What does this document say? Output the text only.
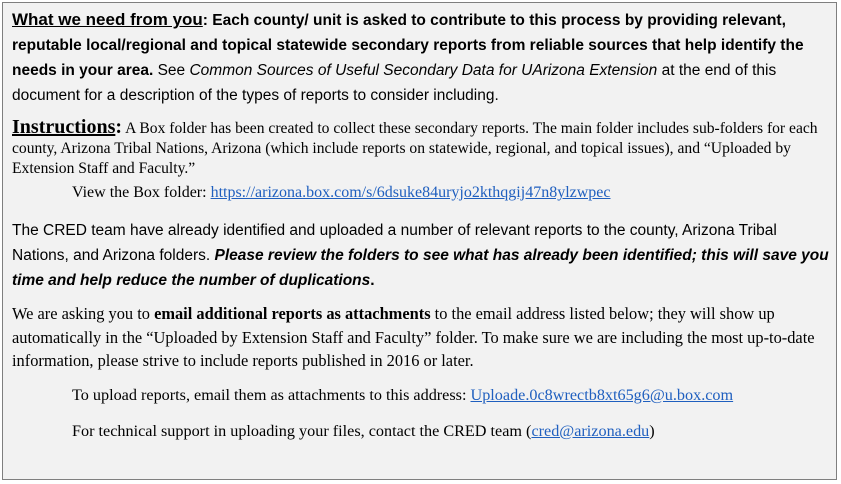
What we need from you: Each county/ unit is asked to contribute to this process by providing relevant, reputable local/regional and topical statewide secondary reports from reliable sources that help identify the needs in your area. See Common Sources of Useful Secondary Data for UArizona Extension at the end of this document for a description of the types of reports to consider including.
Instructions: A Box folder has been created to collect these secondary reports. The main folder includes sub-folders for each county, Arizona Tribal Nations, Arizona (which include reports on statewide, regional, and topical issues), and “Uploaded by Extension Staff and Faculty.”
View the Box folder: https://arizona.box.com/s/6dsuke84uryjo2kthqgij47n8ylzwpec
The CRED team have already identified and uploaded a number of relevant reports to the county, Arizona Tribal Nations, and Arizona folders. Please review the folders to see what has already been identified; this will save you time and help reduce the number of duplications.
We are asking you to email additional reports as attachments to the email address listed below; they will show up automatically in the “Uploaded by Extension Staff and Faculty” folder. To make sure we are including the most up-to-date information, please strive to include reports published in 2016 or later.
To upload reports, email them as attachments to this address: Uploade.0c8wrectb8xt65g6@u.box.com
For technical support in uploading your files, contact the CRED team (cred@arizona.edu)
